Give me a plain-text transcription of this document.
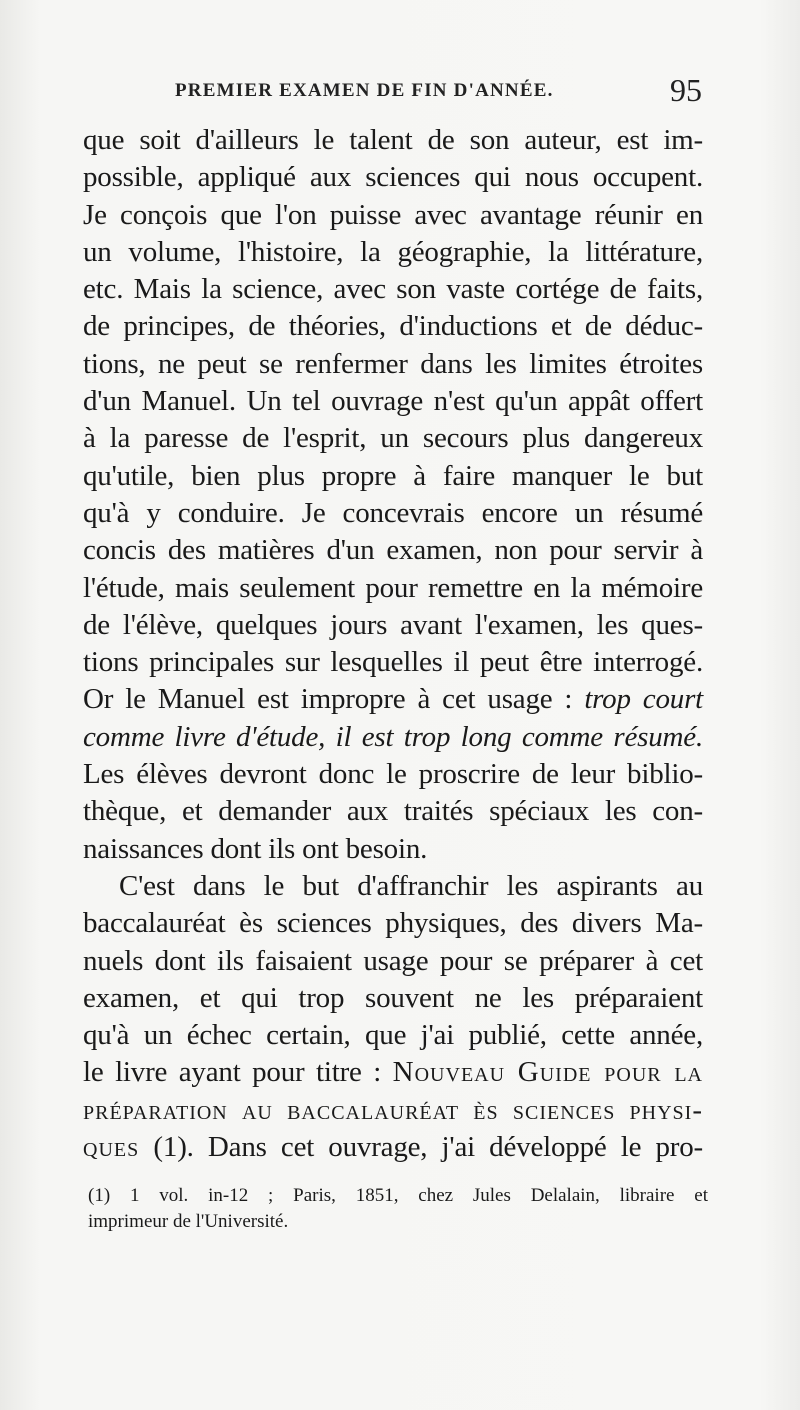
PREMIER EXAMEN DE FIN D'ANNÉE.	95
que soit d'ailleurs le talent de son auteur, est im-
possible, appliqué aux sciences qui nous occupent.
Je conçois que l'on puisse avec avantage réunir en
un volume, l'histoire, la géographie, la littérature,
etc. Mais la science, avec son vaste cortége de faits,
de principes, de théories, d'inductions et de déduc-
tions, ne peut se renfermer dans les limites étroites
d'un Manuel. Un tel ouvrage n'est qu'un appât offert
à la paresse de l'esprit, un secours plus dangereux
qu'utile, bien plus propre à faire manquer le but
qu'à y conduire. Je concevrais encore un résumé
concis des matières d'un examen, non pour servir à
l'étude, mais seulement pour remettre en la mémoire
de l'élève, quelques jours avant l'examen, les ques-
tions principales sur lesquelles il peut être interrogé.
Or le Manuel est impropre à cet usage : trop court
comme livre d'étude, il est trop long comme résumé.
Les élèves devront donc le proscrire de leur biblio-
thèque, et demander aux traités spéciaux les con-
naissances dont ils ont besoin.
C'est dans le but d'affranchir les aspirants au
baccalauréat ès sciences physiques, des divers Ma-
nuels dont ils faisaient usage pour se préparer à cet
examen, et qui trop souvent ne les préparaient
qu'à un échec certain, que j'ai publié, cette année,
le livre ayant pour titre : Nouveau Guide pour la
préparation au baccalauréat ès sciences physi-
ques (1). Dans cet ouvrage, j'ai développé le pro-
(1) 1 vol. in-12 ; Paris, 1851, chez Jules Delalain, libraire et
imprimeur de l'Université.
